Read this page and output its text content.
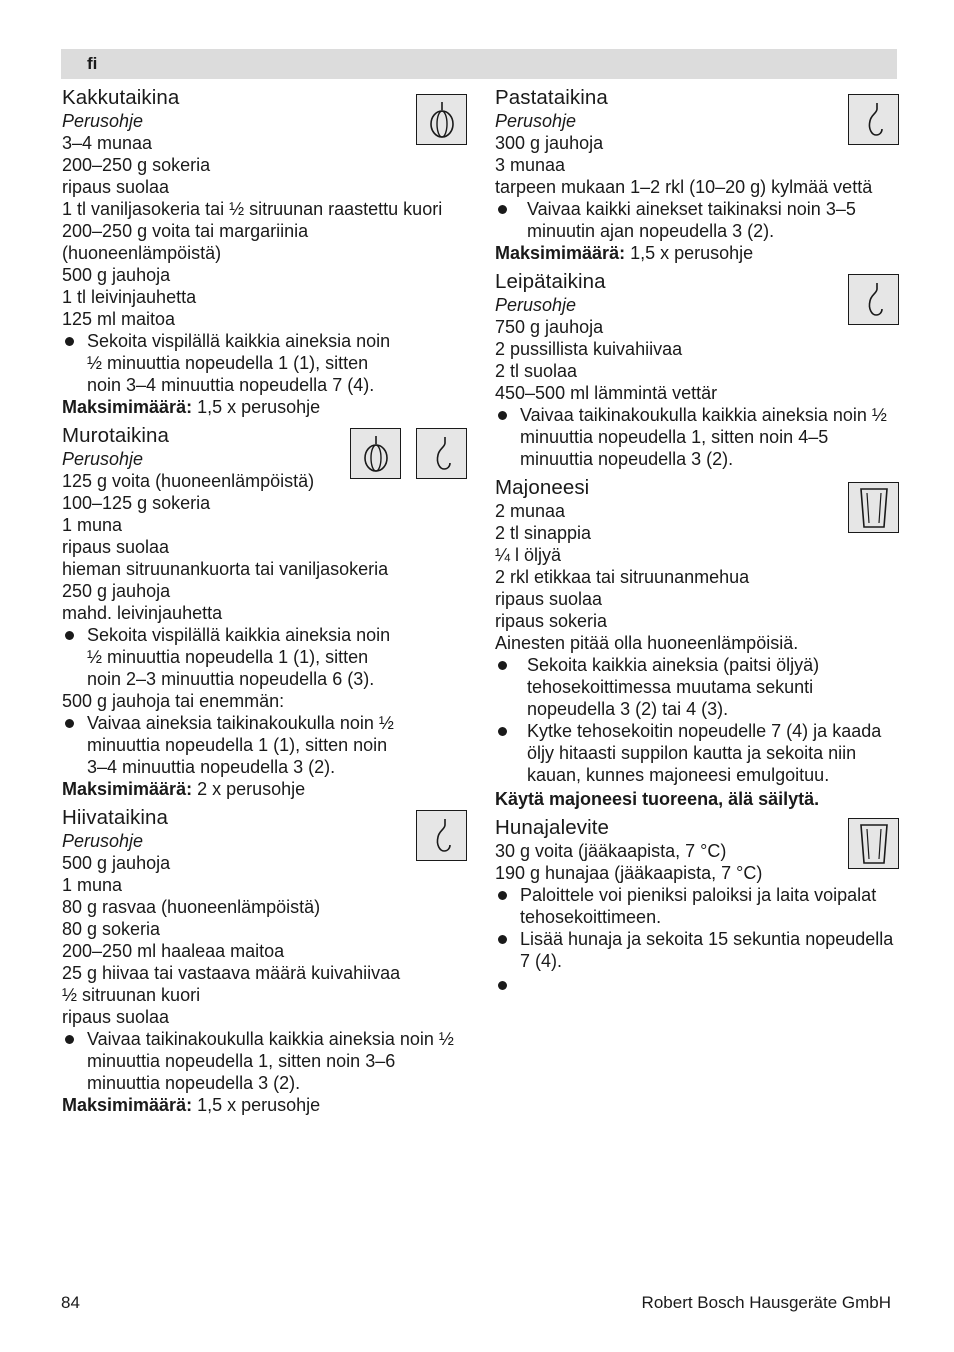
fi
Kakkutaikina
Perusohje
3–4 munaa
200–250 g sokeria
ripaus suolaa
1 tl vaniljasokeria tai ½ sitruunan raastettu kuori
200–250 g voita tai margariinia
(huoneenlämpöistä)
500 g jauhoja
1 tl leivinjauhetta
125 ml maitoa
Sekoita vispilällä kaikkia aineksia noin ½ minuuttia nopeudella 1 (1), sitten noin 3–4 minuuttia nopeudella 7 (4).
Maksimimäärä: 1,5 x perusohje
Murotaikina
Perusohje
125 g voita (huoneenlämpöistä)
100–125 g sokeria
1 muna
ripaus suolaa
hieman sitruunankuorta tai vaniljasokeria
250 g jauhoja
mahd. leivinjauhetta
Sekoita vispilällä kaikkia aineksia noin ½ minuuttia nopeudella 1 (1), sitten noin 2–3 minuuttia nopeudella 6 (3).
500 g jauhoja tai enemmän:
Vaivaa aineksia taikinakoukulla noin ½ minuuttia nopeudella 1 (1), sitten noin 3–4 minuuttia nopeudella 3 (2).
Maksimimäärä: 2 x perusohje
Hiivataikina
Perusohje
500 g jauhoja
1 muna
80 g rasvaa (huoneenlämpöistä)
80 g sokeria
200–250 ml haaleaa maitoa
25 g hiivaa tai vastaava määrä kuivahiivaa
½ sitruunan kuori
ripaus suolaa
Vaivaa taikinakoukulla kaikkia aineksia noin ½ minuuttia nopeudella 1, sitten noin 3–6 minuuttia nopeudella 3 (2).
Maksimimäärä: 1,5 x perusohje
Pastataikina
Perusohje
300 g jauhoja
3 munaa
tarpeen mukaan 1–2 rkl (10–20 g) kylmää vettä
Vaivaa kaikki ainekset taikinaksi noin 3–5 minuutin ajan nopeudella 3 (2).
Maksimimäärä: 1,5 x perusohje
Leipätaikina
Perusohje
750 g jauhoja
2 pussillista kuivahiivaa
2 tl suolaa
450–500 ml lämmintä vettär
Vaivaa taikinakoukulla kaikkia aineksia noin ½ minuuttia nopeudella 1, sitten noin 4–5 minuuttia nopeudella 3 (2).
Majoneesi
2 munaa
2 tl sinappia
¼ l öljyä
2 rkl etikkaa tai sitruunanmehua
ripaus suolaa
ripaus sokeria
Ainesten pitää olla huoneenlämpöisiä.
Sekoita kaikkia aineksia (paitsi öljyä) tehosekoittimessa muutama sekunti nopeudella 3 (2) tai 4 (3).
Kytke tehosekoitin nopeudelle 7 (4) ja kaada öljy hitaasti suppilon kautta ja sekoita niin kauan, kunnes majoneesi emulgoituu.
Käytä majoneesi tuoreena, älä säilytä.
Hunajalevite
30 g voita (jääkaapista, 7 °C)
190 g hunajaa (jääkaapista, 7 °C)
Paloittele voi pieniksi paloiksi ja laita voipalat tehosekoittimeen.
Lisää hunaja ja sekoita 15 sekuntia nopeudella 7 (4).
84	Robert Bosch Hausgeräte GmbH
